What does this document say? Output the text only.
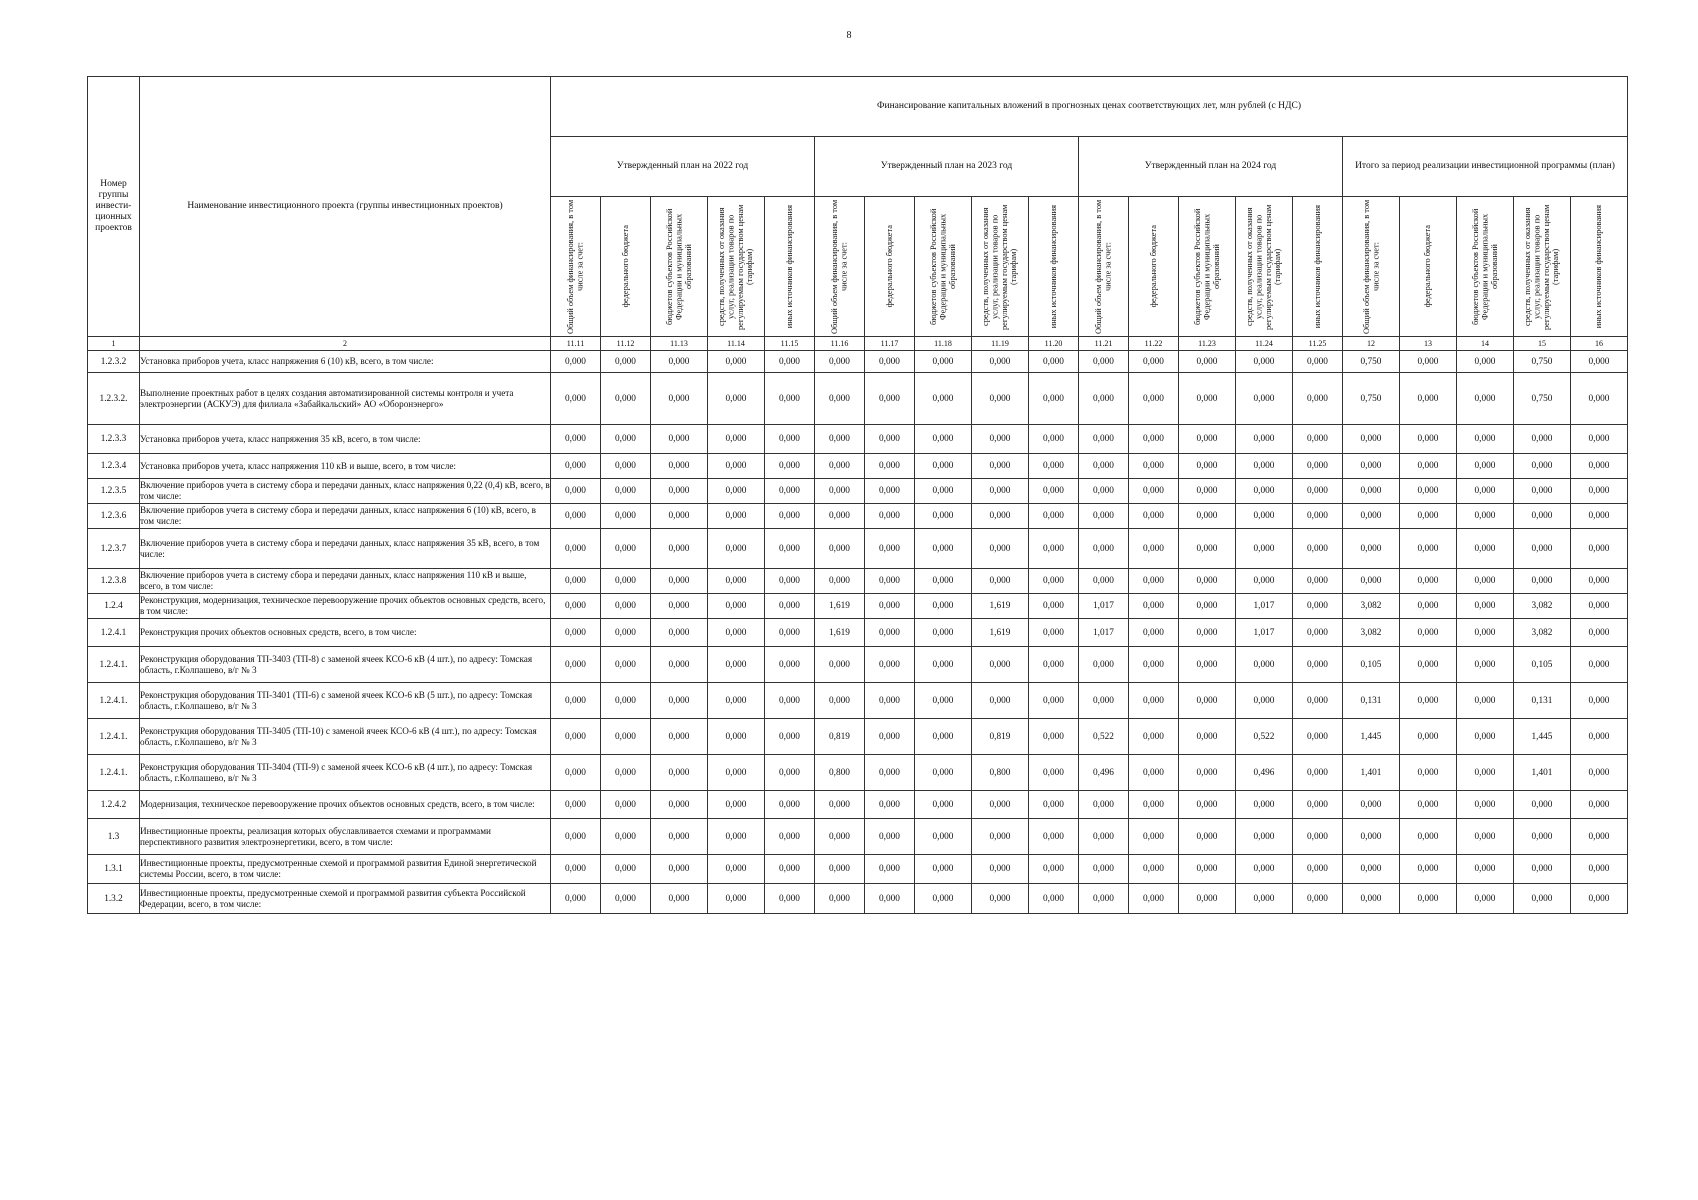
8
Номер группы инвести-ционных проектов	Наименование инвестиционного проекта (группы инвестиционных проектов)	Финансирование капитальных вложений в прогнозных ценах соответствующих лет, млн рублей (с НДС)																			
		Утвержденный план на 2022 год					Утвержденный план на 2023 год					Утвержденный план на 2024 год					Итого за период реализации инвестиционной программы (план)				

		Общий объем финансирования, в том числе за счет:	федерального бюджета	бюджетов субъектов Российской Федерации и муниципальных образований	средств, полученных от оказания услуг, реализации товаров по регулируемым государством ценам (тарифам)	иных источников финансирования	Общий объем финансирования, в том числе за счет:	федерального бюджета	бюджетов субъектов Российской Федерации и муниципальных образований	средств, полученных от оказания услуг, реализации товаров по регулируемым государством ценам (тарифам)	иных источников финансирования	Общий объем финансирования, в том числе за счет:	федерального бюджета	бюджетов субъектов Российской Федерации и муниципальных образований	средств, полученных от оказания услуг, реализации товаров по регулируемым государством ценам (тарифам)	иных источников финансирования	Общий объем финансирования, в том числе за счет:	федерального бюджета	бюджетов субъектов Российской Федерации и муниципальных образований	средств, полученных от оказания услуг, реализации товаров по регулируемым государством ценам (тарифам)	иных источников финансирования

1	2	11.11	11.12	11.13	11.14	11.15	11.16	11.17	11.18	11.19	11.20	11.21	11.22	11.23	11.24	11.25	12	13	14	15	16
1.2.3.2	Установка приборов учета, класс напряжения 6 (10) кВ, всего, в том числе:	0,000	0,000	0,000	0,000	0,000	0,000	0,000	0,000	0,000	0,000	0,000	0,000	0,000	0,000	0,000	0,750	0,000	0,000	0,750	0,000
1.2.3.2.	Выполнение проектных работ в целях создания автоматизированной системы контроля и учета электроэнергии (АСКУЭ) для филиала «Забайкальский» АО «Оборонэнерго»	0,000	0,000	0,000	0,000	0,000	0,000	0,000	0,000	0,000	0,000	0,000	0,000	0,000	0,000	0,000	0,750	0,000	0,000	0,750	0,000
1.2.3.3	Установка приборов учета, класс напряжения 35 кВ, всего, в том числе:	0,000	0,000	0,000	0,000	0,000	0,000	0,000	0,000	0,000	0,000	0,000	0,000	0,000	0,000	0,000	0,000	0,000	0,000	0,000	0,000
1.2.3.4	Установка приборов учета, класс напряжения 110 кВ и выше, всего, в том числе:	0,000	0,000	0,000	0,000	0,000	0,000	0,000	0,000	0,000	0,000	0,000	0,000	0,000	0,000	0,000	0,000	0,000	0,000	0,000	0,000
1.2.3.5	Включение приборов учета в систему сбора и передачи данных, класс напряжения 0,22 (0,4) кВ, всего, в том числе:	0,000	0,000	0,000	0,000	0,000	0,000	0,000	0,000	0,000	0,000	0,000	0,000	0,000	0,000	0,000	0,000	0,000	0,000	0,000	0,000
1.2.3.6	Включение приборов учета в систему сбора и передачи данных, класс напряжения 6 (10) кВ, всего, в том числе:	0,000	0,000	0,000	0,000	0,000	0,000	0,000	0,000	0,000	0,000	0,000	0,000	0,000	0,000	0,000	0,000	0,000	0,000	0,000	0,000
1.2.3.7	Включение приборов учета в систему сбора и передачи данных, класс напряжения 35 кВ, всего, в том числе:	0,000	0,000	0,000	0,000	0,000	0,000	0,000	0,000	0,000	0,000	0,000	0,000	0,000	0,000	0,000	0,000	0,000	0,000	0,000	0,000
1.2.3.8	Включение приборов учета в систему сбора и передачи данных, класс напряжения 110 кВ и выше, всего, в том числе:	0,000	0,000	0,000	0,000	0,000	0,000	0,000	0,000	0,000	0,000	0,000	0,000	0,000	0,000	0,000	0,000	0,000	0,000	0,000	0,000
1.2.4	Реконструкция, модернизация, техническое перевооружение прочих объектов основных средств, всего, в том числе:	0,000	0,000	0,000	0,000	0,000	1,619	0,000	0,000	1,619	0,000	1,017	0,000	0,000	1,017	0,000	3,082	0,000	0,000	3,082	0,000
1.2.4.1	Реконструкция прочих объектов основных средств, всего, в том числе:	0,000	0,000	0,000	0,000	0,000	1,619	0,000	0,000	1,619	0,000	1,017	0,000	0,000	1,017	0,000	3,082	0,000	0,000	3,082	0,000
1.2.4.1.	Реконструкция оборудования ТП-3403 (ТП-8) с заменой ячеек КСО-6 кВ (4 шт.), по адресу: Томская область, г.Колпашево, в/г № 3	0,000	0,000	0,000	0,000	0,000	0,000	0,000	0,000	0,000	0,000	0,000	0,000	0,000	0,000	0,000	0,105	0,000	0,000	0,105	0,000
1.2.4.1.	Реконструкция оборудования ТП-3401 (ТП-6) с заменой ячеек КСО-6 кВ (5 шт.), по адресу: Томская область, г.Колпашево, в/г № 3	0,000	0,000	0,000	0,000	0,000	0,000	0,000	0,000	0,000	0,000	0,000	0,000	0,000	0,000	0,000	0,131	0,000	0,000	0,131	0,000
1.2.4.1.	Реконструкция оборудования ТП-3405 (ТП-10) с заменой ячеек КСО-6 кВ (4 шт.), по адресу: Томская область, г.Колпашево, в/г № 3	0,000	0,000	0,000	0,000	0,000	0,819	0,000	0,000	0,819	0,000	0,522	0,000	0,000	0,522	0,000	1,445	0,000	0,000	1,445	0,000
1.2.4.1.	Реконструкция оборудования ТП-3404 (ТП-9) с заменой ячеек КСО-6 кВ (4 шт.), по адресу: Томская область, г.Колпашево, в/г № 3	0,000	0,000	0,000	0,000	0,000	0,800	0,000	0,000	0,800	0,000	0,496	0,000	0,000	0,496	0,000	1,401	0,000	0,000	1,401	0,000
1.2.4.2	Модернизация, техническое перевооружение прочих объектов основных средств, всего, в том числе:	0,000	0,000	0,000	0,000	0,000	0,000	0,000	0,000	0,000	0,000	0,000	0,000	0,000	0,000	0,000	0,000	0,000	0,000	0,000	0,000
1.3	Инвестиционные проекты, реализация которых обуславливается схемами и программами перспективного развития электроэнергетики, всего, в том числе:	0,000	0,000	0,000	0,000	0,000	0,000	0,000	0,000	0,000	0,000	0,000	0,000	0,000	0,000	0,000	0,000	0,000	0,000	0,000	0,000
1.3.1	Инвестиционные проекты, предусмотренные схемой и программой развития Единой энергетической системы России, всего, в том числе:	0,000	0,000	0,000	0,000	0,000	0,000	0,000	0,000	0,000	0,000	0,000	0,000	0,000	0,000	0,000	0,000	0,000	0,000	0,000	0,000
1.3.2	Инвестиционные проекты, предусмотренные схемой и программой развития субъекта Российской Федерации, всего, в том числе:	0,000	0,000	0,000	0,000	0,000	0,000	0,000	0,000	0,000	0,000	0,000	0,000	0,000	0,000	0,000	0,000	0,000	0,000	0,000	0,000
